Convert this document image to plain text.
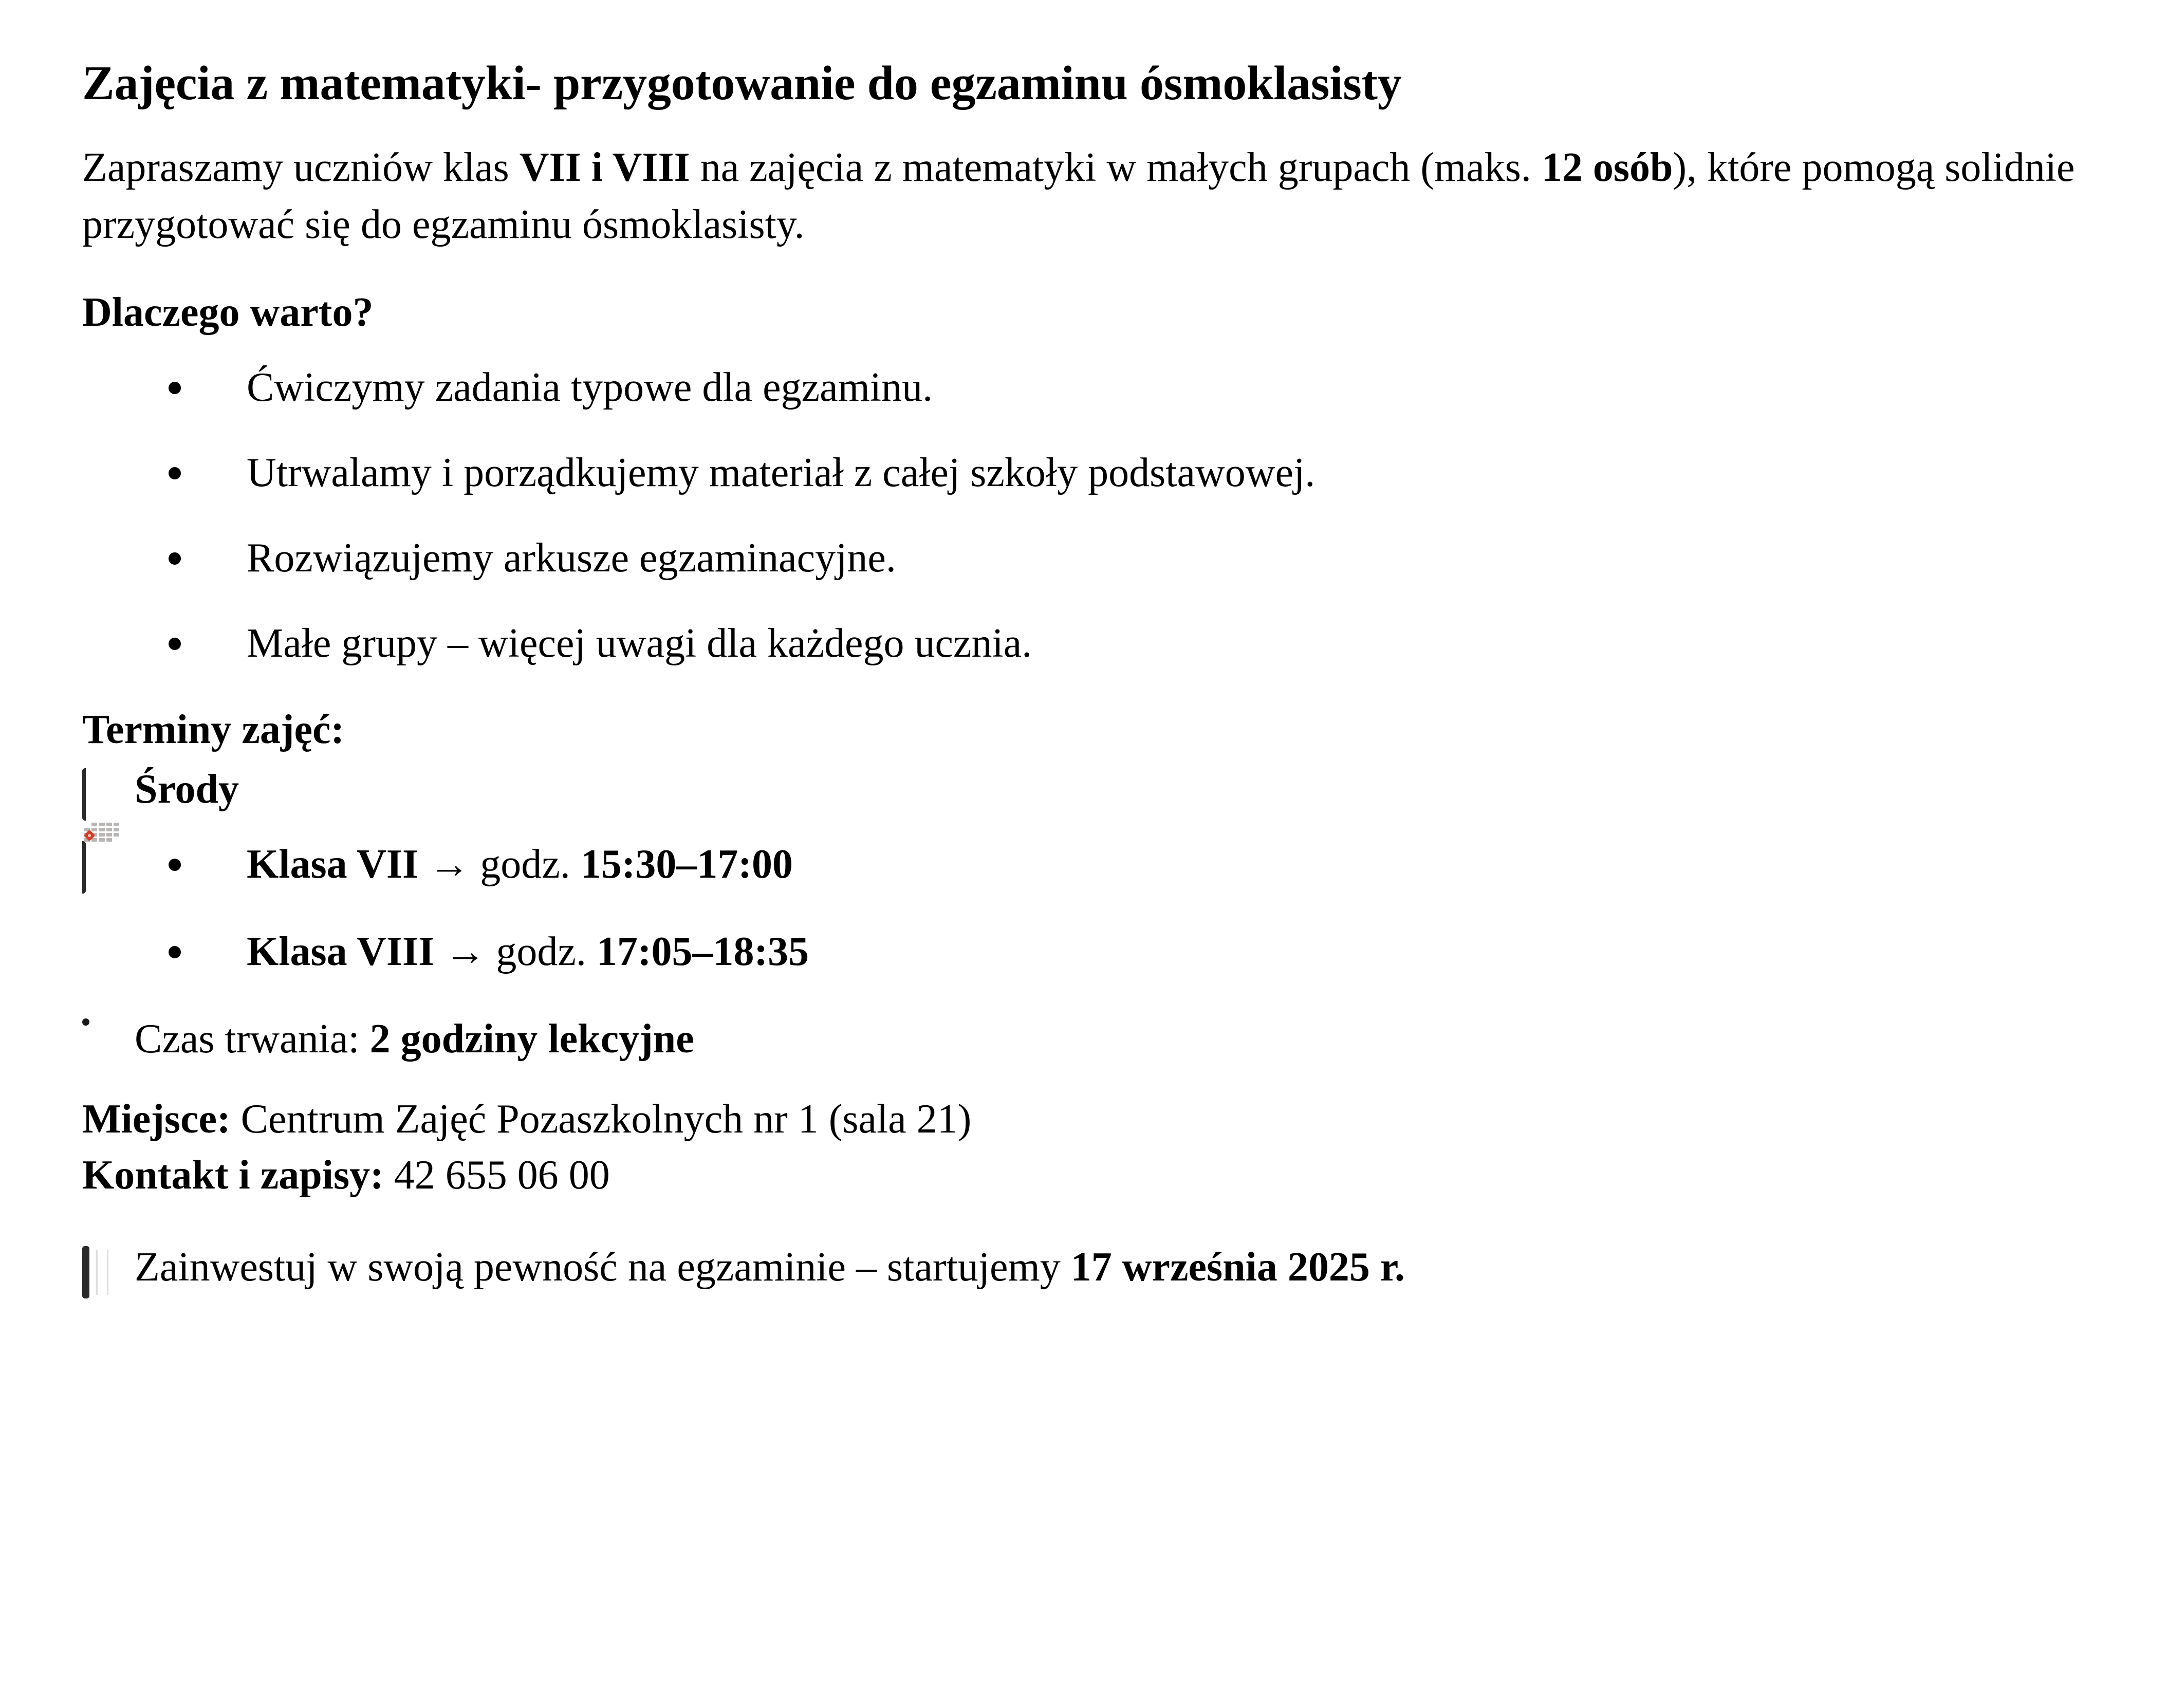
Zajęcia z matematyki- przygotowanie do egzaminu ósmoklasisty

Zapraszamy uczniów klas VII i VIII na zajęcia z matematyki w małych grupach (maks. 12 osób), które pomogą solidnie przygotować się do egzaminu ósmoklasisty.

Dlaczego warto?

Ćwiczymy zadania typowe dla egzaminu.
Utrwalamy i porządkujemy materiał z całej szkoły podstawowej.
Rozwiązujemy arkusze egzaminacyjne.
Małe grupy – więcej uwagi dla każdego ucznia.

Terminy zajęć:

Środy
Klasa VII → godz. 15:30–17:00
Klasa VIII → godz. 17:05–18:35
Czas trwania: 2 godziny lekcyjne
Miejsce: Centrum Zajęć Pozaszkolnych nr 1 (sala 21)
Kontakt i zapisy: 42 655 06 00
Zainwestuj w swoją pewność na egzaminie – startujemy 17 września 2025 r.
